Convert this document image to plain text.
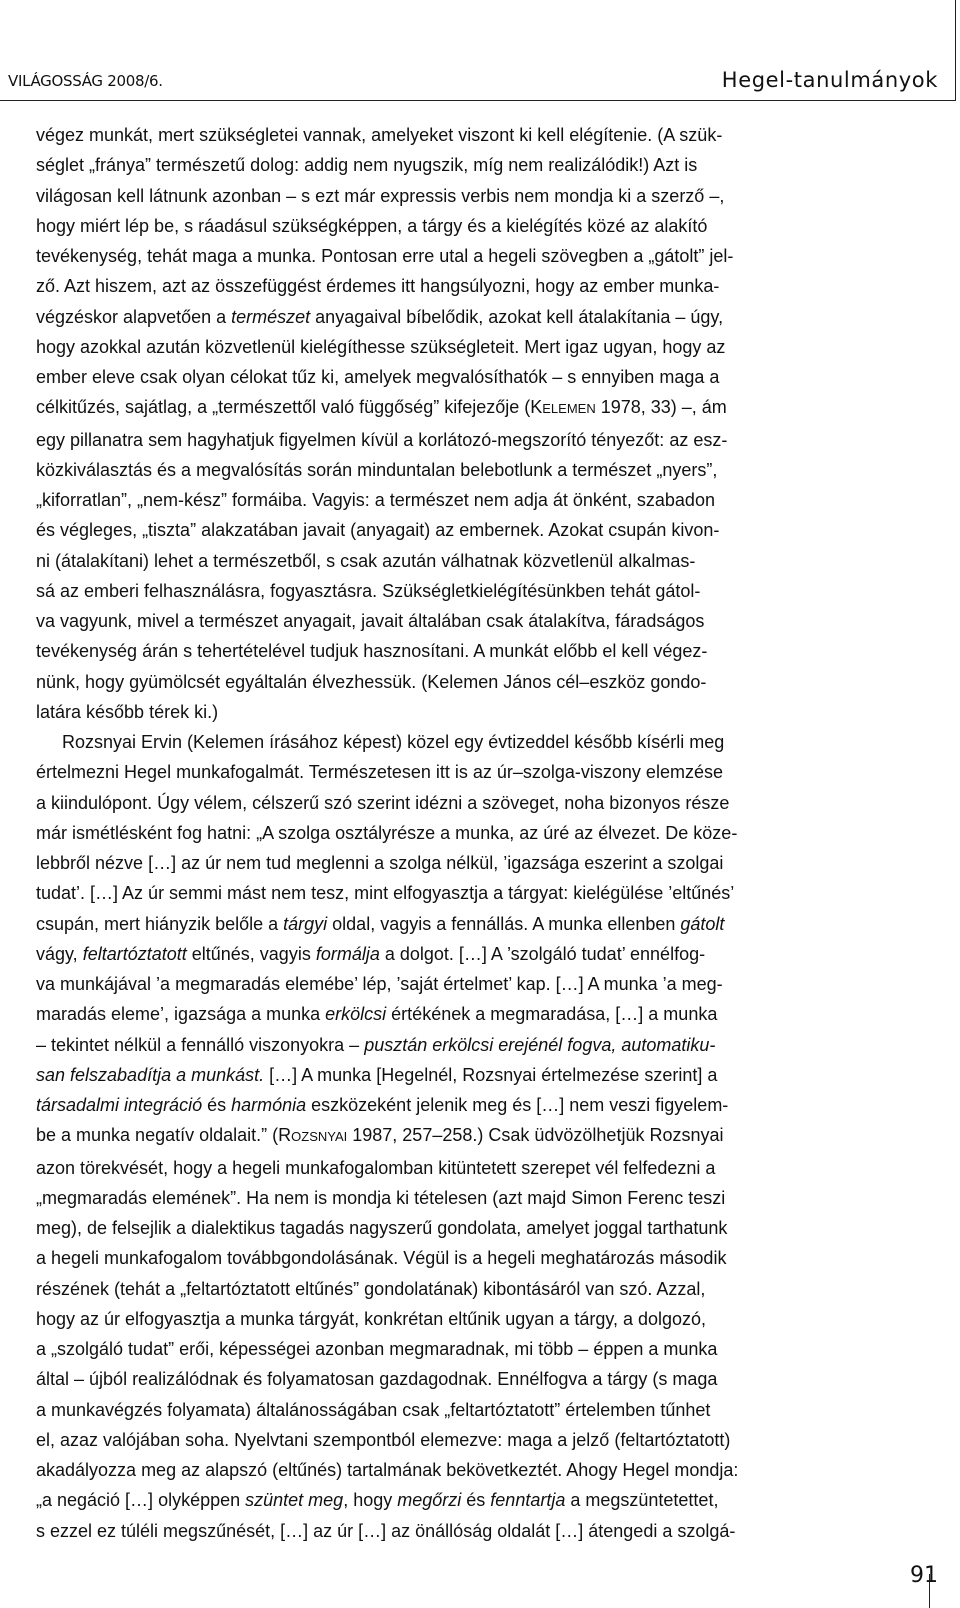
VILÁGOSSÁG 2008/6.	Hegel-tanulmányok
végez munkát, mert szükségletei vannak, amelyeket viszont ki kell elégítenie. (A szük-
séglet „fránya” természetű dolog: addig nem nyugszik, míg nem realizálódik!) Azt is
világosan kell látnunk azonban – s ezt már expressis verbis nem mondja ki a szerző –,
hogy miért lép be, s ráadásul szükségképpen, a tárgy és a kielégítés közé az alakító
tevékenység, tehát maga a munka. Pontosan erre utal a hegeli szövegben a „gátolt” jel-
ző. Azt hiszem, azt az összefüggést érdemes itt hangsúlyozni, hogy az ember munka-
végzéskor alapvetően a természet anyagaival bíbelődik, azokat kell átalakítania – úgy,
hogy azokkal azután közvetlenül kielégíthesse szükségleteit. Mert igaz ugyan, hogy az
ember eleve csak olyan célokat tűz ki, amelyek megvalósíthatók – s ennyiben maga a
célkitűzés, sajátlag, a „természettől való függőség” kifejezője (KELEMEN 1978, 33) –, ám
egy pillanatra sem hagyhatjuk figyelmen kívül a korlátozó-megszorító tényezőt: az esz-
közkiválasztás és a megvalósítás során minduntalan belebotlunk a természet „nyers”,
„kiforratlan”, „nem-kész” formáiba. Vagyis: a természet nem adja át önként, szabadon
és végleges, „tiszta” alakzatában javait (anyagait) az embernek. Azokat csupán kivon-
ni (átalakítani) lehet a természetből, s csak azután válhatnak közvetlenül alkalmas-
sá az emberi felhasználásra, fogyasztásra. Szükségletkielégítésünkben tehát gátol-
va vagyunk, mivel a természet anyagait, javait általában csak átalakítva, fáradságos
tevékenység árán s tehertételével tudjuk hasznosítani. A munkát előbb el kell végez-
nünk, hogy gyümölcsét egyáltalán élvezhessük. (Kelemen János cél–eszköz gondo-
latára később térek ki.)
Rozsnyai Ervin (Kelemen írásához képest) közel egy évtizeddel később kísérli meg
értelmezni Hegel munkafogalmát. Természetesen itt is az úr–szolga-viszony elemzése
a kiindulópont. Úgy vélem, célszerű szó szerint idézni a szöveget, noha bizonyos része
már ismétlésként fog hatni: „A szolga osztályrésze a munka, az úré az élvezet. De köze-
lebbről nézve […] az úr nem tud meglenni a szolga nélkül, ’igazsága eszerint a szolgai
tudat’. […] Az úr semmi mást nem tesz, mint elfogyasztja a tárgyat: kielégülése ’eltűnés’
csupán, mert hiányzik belőle a tárgyi oldal, vagyis a fennállás. A munka ellenben gátolt
vágy, feltartóztatott eltűnés, vagyis formálja a dolgot. […] A ’szolgáló tudat’ ennélfog-
va munkájával ’a megmaradás elemébe’ lép, ’saját értelmet’ kap. […] A munka ’a meg-
maradás eleme’, igazsága a munka erkölcsi értékének a megmaradása, […] a munka
– tekintet nélkül a fennálló viszonyokra – pusztán erkölcsi erejénél fogva, automatiku-
san felszabadítja a munkást. […] A munka [Hegelnél, Rozsnyai értelmezése szerint] a
társadalmi integráció és harmónia eszközeként jelenik meg és […] nem veszi figyelem-
be a munka negatív oldalait.” (ROZSNYAI 1987, 257–258.) Csak üdvözölhetjük Rozsnyai
azon törekvését, hogy a hegeli munkafogalomban kitüntetett szerepet vél felfedezni a
„megmaradás elemének”. Ha nem is mondja ki tételesen (azt majd Simon Ferenc teszi
meg), de felsejlik a dialektikus tagadás nagyszerű gondolata, amelyet joggal tarthatunk
a hegeli munkafogalom továbbgondolásának. Végül is a hegeli meghatározás második
részének (tehát a „feltartóztatott eltűnés” gondolatának) kibontásáról van szó. Azzal,
hogy az úr elfogyasztja a munka tárgyát, konkrétan eltűnik ugyan a tárgy, a dolgozó,
a „szolgáló tudat” erői, képességei azonban megmaradnak, mi több – éppen a munka
által – újból realizálódnak és folyamatosan gazdagodnak. Ennélfogva a tárgy (s maga
a munkavégzés folyamata) általánosságában csak „feltartóztatott” értelemben tűnhet
el, azaz valójában soha. Nyelvtani szempontból elemezve: maga a jelző (feltartóztatott)
akadályozza meg az alapszó (eltűnés) tartalmának bekövetkeztét. Ahogy Hegel mondja:
„a negáció […] olyképpen szüntet meg, hogy megőrzi és fenntartja a megszüntetettet,
s ezzel ez túléli megszűnését, […] az úr […] az önállóság oldalát […] átengedi a szolgá-
91
